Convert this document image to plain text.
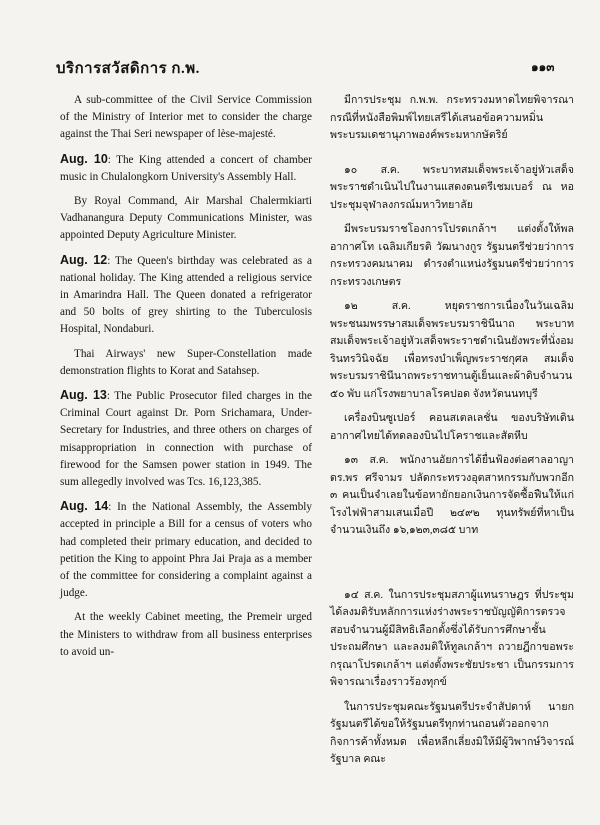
บริการสวัสดิการ ก.พ.	๑๑๓

A sub-committee of the Civil Service Commission of the Ministry of Interior met to consider the charge against the Thai Seri newspaper of lèse-majesté.

Aug. 10: The King attended a concert of chamber music in Chulalongkorn University's Assembly Hall.

By Royal Command, Air Marshal Chalermkiarti Vadhanangura Deputy Communications Minister, was appointed Deputy Agriculture Minister.

Aug. 12: The Queen's birthday was celebrated as a national holiday. The King attended a religious service in Amarindra Hall. The Queen donated a refrigerator and 50 bolts of grey shirting to the Tuberculosis Hospital, Nondaburi.

Thai Airways' new Super-Constellation made demonstration flights to Korat and Satahsep.

Aug. 13: The Public Prosecutor filed charges in the Criminal Court against Dr. Porn Srichamara, Under-Secretary for Industries, and three others on charges of misappropriation in connection with purchase of firewood for the Samsen power station in 1949. The sum allegedly involved was Tcs. 16,123,385.

Aug. 14: In the National Assembly, the Assembly accepted in principle a Bill for a census of voters who had completed their primary education, and decided to petition the King to appoint Phra Jai Praja as a member of the committee for considering a complaint against a judge.

At the weekly Cabinet meeting, the Premeir urged the Ministers to withdraw from all business enterprises to avoid un-

มีการประชุม ก.พ.พ. กระทรวงมหาดไทยพิจารณากรณีที่หนังสือพิมพ์ไทยเสรีได้เสนอข้อความหมิ่นพระบรมเดชานุภาพองค์พระมหากษัตริย์

๑๐ ส.ค. พระบาทสมเด็จพระเจ้าอยู่หัวเสด็จพระราชดำเนินไปในงานแสดงดนตรีเชมเบอร์ ณ หอประชุมจุฬาลงกรณ์มหาวิทยาลัย

มีพระบรมราชโองการโปรดเกล้าฯ แต่งตั้งให้พลอากาศโท เฉลิมเกียรติ วัฒนางกูร รัฐมนตรีช่วยว่าการกระทรวงคมนาคม ดำรงตำแหน่งรัฐมนตรีช่วยว่าการกระทรวงเกษตร

๑๒ ส.ค. หยุดราชการเนื่องในวันเฉลิมพระชนมพรรษาสมเด็จพระบรมราชินีนาถ พระบาทสมเด็จพระเจ้าอยู่หัวเสด็จพระราชดำเนินยังพระที่นั่งอมรินทรวินิจฉัย เพื่อทรงบำเพ็ญพระราชกุศล สมเด็จพระบรมราชินีนาถพระราชทานตู้เย็นและผ้าดิบจำนวน ๕๐ พับ แก่โรงพยาบาลโรคปอด จังหวัดนนทบุรี

เครื่องบินซูเปอร์ คอนสเตลเลชั่น ของบริษัทเดินอากาศไทยได้ทดลองบินไปโคราชและสัตหีบ

๑๓ ส.ค. พนักงานอัยการได้ยื่นฟ้องต่อศาลอาญา ดร.พร ศรีจามร ปลัดกระทรวงอุตสาหกรรมกับพวกอีก ๓ คนเป็นจำเลยในข้อหายักยอกเงินการจัดซื้อฟืนให้แก่โรงไฟฟ้าสามเสนเมื่อปี ๒๔๙๒ ทุนทรัพย์ที่หาเป็นจำนวนเงินถึง ๑๖,๑๒๓,๓๘๕ บาท

๑๔ ส.ค. ในการประชุมสภาผู้แทนราษฎร ที่ประชุมได้ลงมติรับหลักการแห่งร่างพระราชบัญญัติการตรวจสอบจำนวนผู้มีสิทธิเลือกตั้งซึ่งได้รับการศึกษาชั้นประถมศึกษา และลงมติให้ทูลเกล้าฯ ถวายฎีกาขอพระกรุณาโปรดเกล้าฯ แต่งตั้งพระชัยประชา เป็นกรรมการพิจารณาเรื่องราวร้องทุกข์

ในการประชุมคณะรัฐมนตรีประจำสัปดาห์ นายกรัฐมนตรีได้ขอให้รัฐมนตรีทุกท่านถอนตัวออกจากกิจการค้าทั้งหมด เพื่อหลีกเลี่ยงมิให้มีผู้วิพากษ์วิจารณ์รัฐบาล คณะ
